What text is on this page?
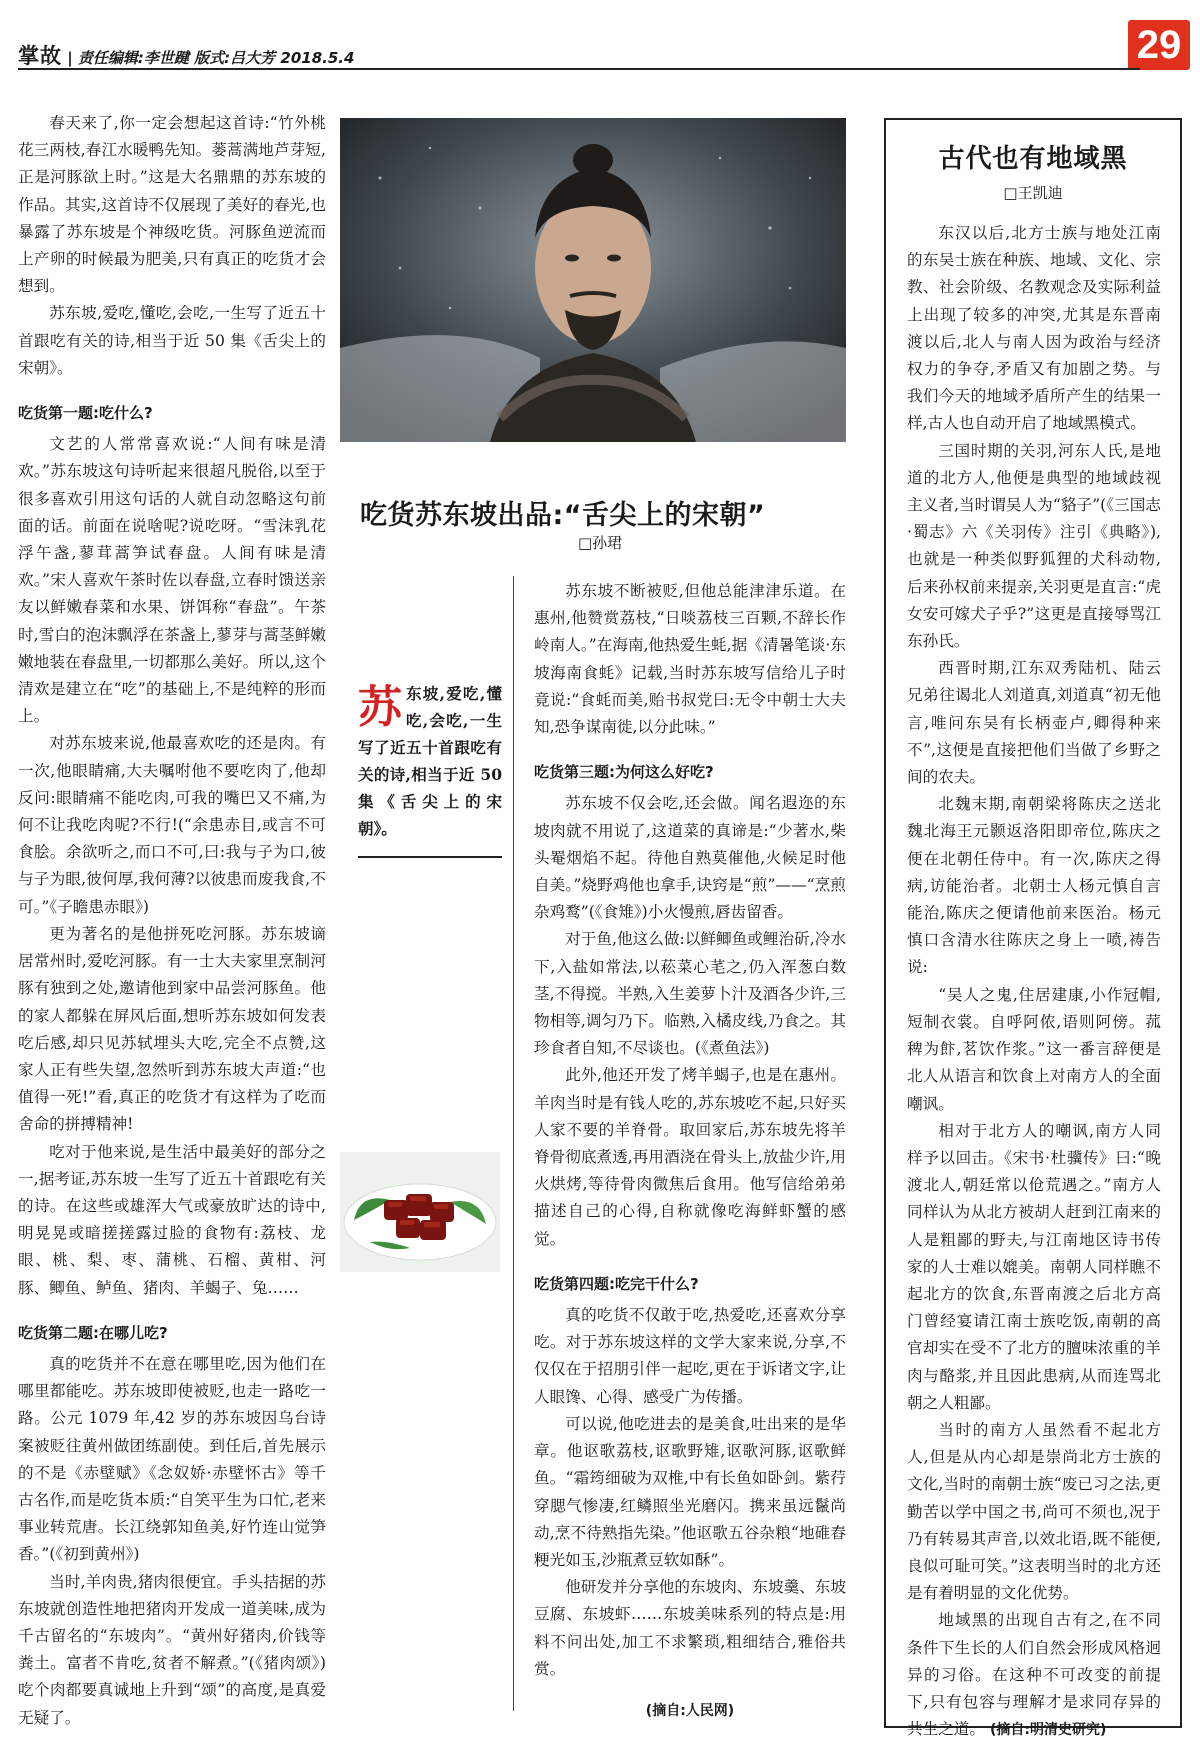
掌故 | 责任编辑:李世踺 版式:吕大芳 2018.5.4	29

春天来了,你一定会想起这首诗:“竹外桃花三两枝,春江水暖鸭先知。蒌蒿满地芦芽短,正是河豚欲上时。”这是大名鼎鼎的苏东坡的作品。其实,这首诗不仅展现了美好的春光,也暴露了苏东坡是个神级吃货。河豚鱼逆流而上产卵的时候最为肥美,只有真正的吃货才会想到。

苏东坡,爱吃,懂吃,会吃,一生写了近五十首跟吃有关的诗,相当于近 50 集《舌尖上的宋朝》。

吃货第一题:吃什么?

文艺的人常常喜欢说:“人间有味是清欢。”苏东坡这句诗听起来很超凡脱俗,以至于很多喜欢引用这句话的人就自动忽略这句前面的话。前面在说啥呢?说吃呀。“雪沫乳花浮午盏,蓼茸蒿笋试春盘。人间有味是清欢。”宋人喜欢午茶时佐以春盘,立春时馈送亲友以鲜嫩春菜和水果、饼饵称“春盘”。午茶时,雪白的泡沫飘浮在茶盏上,蓼芽与蒿茎鲜嫩嫩地装在春盘里,一切都那么美好。所以,这个清欢是建立在“吃”的基础上,不是纯粹的形而上。

对苏东坡来说,他最喜欢吃的还是肉。有一次,他眼睛痛,大夫嘱咐他不要吃肉了,他却反问:眼睛痛不能吃肉,可我的嘴巴又不痛,为何不让我吃肉呢?不行!(“余患赤目,或言不可食脍。余欲听之,而口不可,曰:我与子为口,彼与子为眼,彼何厚,我何薄?以彼患而废我食,不可。”《子瞻患赤眼》)

更为著名的是他拼死吃河豚。苏东坡谪居常州时,爱吃河豚。有一士大夫家里烹制河豚有独到之处,邀请他到家中品尝河豚鱼。他的家人都躲在屏风后面,想听苏东坡如何发表吃后感,却只见苏轼埋头大吃,完全不点赞,这家人正有些失望,忽然听到苏东坡大声道:“也值得一死!”看,真正的吃货才有这样为了吃而舍命的拼搏精神!

吃对于他来说,是生活中最美好的部分之一,据考证,苏东坡一生写了近五十首跟吃有关的诗。在这些或雄浑大气或豪放旷达的诗中,明晃晃或暗搓搓露过脸的食物有:荔枝、龙眼、桃、梨、枣、蒲桃、石榴、黄柑、河豚、鲫鱼、鲈鱼、猪肉、羊蝎子、兔……

吃货第二题:在哪儿吃?

真的吃货并不在意在哪里吃,因为他们在哪里都能吃。苏东坡即使被贬,也走一路吃一路。公元 1079 年,42 岁的苏东坡因乌台诗案被贬往黄州做团练副使。到任后,首先展示的不是《赤壁赋》《念奴娇·赤壁怀古》等千古名作,而是吃货本质:“自笑平生为口忙,老来事业转荒唐。长江绕郭知鱼美,好竹连山觉笋香。”(《初到黄州》)

当时,羊肉贵,猪肉很便宜。手头拮据的苏东坡就创造性地把猪肉开发成一道美味,成为千古留名的“东坡肉”。“黄州好猪肉,价钱等粪土。富者不肯吃,贫者不解煮。”(《猪肉颂》)吃个肉都要真诚地上升到“颂”的高度,是真爱无疑了。

吃货苏东坡出品:“舌尖上的宋朝”
□孙珺
苏 东坡,爱吃,懂吃,会吃,一生写了近五十首跟吃有关的诗,相当于近 50 集《舌尖上的宋朝》。

苏东坡不断被贬,但他总能津津乐道。在惠州,他赞赏荔枝,“日啖荔枝三百颗,不辞长作岭南人。”在海南,他热爱生蚝,据《清暑笔谈·东坡海南食蚝》记载,当时苏东坡写信给儿子时竟说:“食蚝而美,贻书叔党曰:无令中朝士大夫知,恐争谋南徙,以分此味。”

吃货第三题:为何这么好吃?

苏东坡不仅会吃,还会做。闻名遐迩的东坡肉就不用说了,这道菜的真谛是:“少著水,柴头罨烟焰不起。待他自熟莫催他,火候足时他自美。”烧野鸡他也拿手,诀窍是“煎”——“烹煎杂鸡鹜”(《食雉》)小火慢煎,唇齿留香。

对于鱼,他这么做:以鲜鲫鱼或鲤治斫,冷水下,入盐如常法,以菘菜心芼之,仍入浑葱白数茎,不得搅。半熟,入生姜萝卜汁及酒各少许,三物相等,调匀乃下。临熟,入橘皮线,乃食之。其珍食者自知,不尽谈也。(《煮鱼法》)

此外,他还开发了烤羊蝎子,也是在惠州。羊肉当时是有钱人吃的,苏东坡吃不起,只好买人家不要的羊脊骨。取回家后,苏东坡先将羊脊骨彻底煮透,再用酒浇在骨头上,放盐少许,用火烘烤,等待骨肉微焦后食用。他写信给弟弟描述自己的心得,自称就像吃海鲜虾蟹的感觉。

吃货第四题:吃完干什么?

真的吃货不仅敢于吃,热爱吃,还喜欢分享吃。对于苏东坡这样的文学大家来说,分享,不仅仅在于招朋引伴一起吃,更在于诉诸文字,让人眼馋、心得、感受广为传播。

可以说,他吃进去的是美食,吐出来的是华章。他讴歌荔枝,讴歌野雉,讴歌河豚,讴歌鲜鱼。“霜筠细破为双椎,中有长鱼如卧剑。紫荇穿腮气惨凄,红鳞照坐光磨闪。携来虽远鬣尚动,烹不待熟指先染。”他讴歌五谷杂粮“地碓舂粳光如玉,沙瓶煮豆软如酥”。

他研发并分享他的东坡肉、东坡羹、东坡豆腐、东坡虾……东坡美味系列的特点是:用料不问出处,加工不求繁琐,粗细结合,雅俗共赏。

(摘自:人民网)
古代也有地域黑
□王凯迪

东汉以后,北方士族与地处江南的东吴士族在种族、地域、文化、宗教、社会阶级、名教观念及实际利益上出现了较多的冲突,尤其是东晋南渡以后,北人与南人因为政治与经济权力的争夺,矛盾又有加剧之势。与我们今天的地域矛盾所产生的结果一样,古人也自动开启了地域黑模式。

三国时期的关羽,河东人氏,是地道的北方人,他便是典型的地域歧视主义者,当时谓吴人为“貉子”(《三国志·蜀志》六《关羽传》注引《典略》),也就是一种类似野狐狸的犬科动物,后来孙权前来提亲,关羽更是直言:“虎女安可嫁犬子乎?”这更是直接辱骂江东孙氏。

西晋时期,江东双秀陆机、陆云兄弟往谒北人刘道真,刘道真“初无他言,唯问东吴有长柄壶卢,卿得种来不”,这便是直接把他们当做了乡野之间的农夫。

北魏末期,南朝梁将陈庆之送北魏北海王元颢返洛阳即帝位,陈庆之便在北朝任侍中。有一次,陈庆之得病,访能治者。北朝士人杨元慎自言能治,陈庆之便请他前来医治。杨元慎口含清水往陈庆之身上一喷,祷告说:

“吴人之鬼,住居建康,小作冠帽,短制衣裳。自呼阿侬,语则阿傍。菰稗为飰,茗饮作浆。”这一番言辞便是北人从语言和饮食上对南方人的全面嘲讽。

相对于北方人的嘲讽,南方人同样予以回击。《宋书·杜骥传》曰:“晚渡北人,朝廷常以伧荒遇之。”南方人同样认为从北方被胡人赶到江南来的人是粗鄙的野夫,与江南地区诗书传家的人士难以媲美。南朝人同样瞧不起北方的饮食,东晋南渡之后北方高门曾经宴请江南士族吃饭,南朝的高官却实在受不了北方的膻味浓重的羊肉与酪浆,并且因此患病,从而连骂北朝之人粗鄙。

当时的南方人虽然看不起北方人,但是从内心却是崇尚北方士族的文化,当时的南朝士族“废已习之法,更勤苦以学中国之书,尚可不须也,况于乃有转易其声音,以效北语,既不能便,良似可耻可笑。”这表明当时的北方还是有着明显的文化优势。

地域黑的出现自古有之,在不同条件下生长的人们自然会形成风格迥异的习俗。在这种不可改变的前提下,只有包容与理解才是求同存异的共生之道。 (摘自:明清史研究)
